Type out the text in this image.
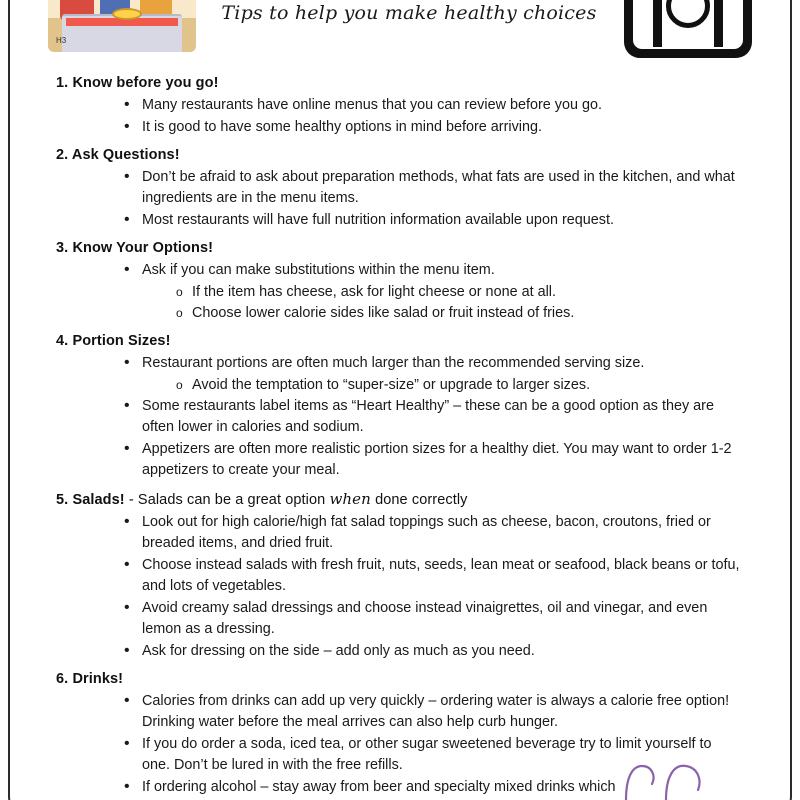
H3
Tips to help you make healthy choices
1. Know before you go!
• Many restaurants have online menus that you can review before you go.
• It is good to have some healthy options in mind before arriving.
2. Ask Questions!
• Don’t be afraid to ask about preparation methods, what fats are used in the kitchen, and what ingredients are in the menu items.
• Most restaurants will have full nutrition information available upon request.
3. Know Your Options!
• Ask if you can make substitutions within the menu item.
o If the item has cheese, ask for light cheese or none at all.
o Choose lower calorie sides like salad or fruit instead of fries.
4. Portion Sizes!
• Restaurant portions are often much larger than the recommended serving size.
o Avoid the temptation to “super-size” or upgrade to larger sizes.
• Some restaurants label items as “Heart Healthy” – these can be a good option as they are often lower in calories and sodium.
• Appetizers are often more realistic portion sizes for a healthy diet. You may want to order 1-2 appetizers to create your meal.
5. Salads! - Salads can be a great option when done correctly
• Look out for high calorie/high fat salad toppings such as cheese, bacon, croutons, fried or breaded items, and dried fruit.
• Choose instead salads with fresh fruit, nuts, seeds, lean meat or seafood, black beans or tofu, and lots of vegetables.
• Avoid creamy salad dressings and choose instead vinaigrettes, oil and vinegar, and even lemon as a dressing.
• Ask for dressing on the side – add only as much as you need.
6. Drinks!
• Calories from drinks can add up very quickly – ordering water is always a calorie free option! Drinking water before the meal arrives can also help curb hunger.
• If you do order a soda, iced tea, or other sugar sweetened beverage try to limit yourself to one. Don’t be lured in with the free refills.
• If ordering alcohol – stay away from beer and specialty mixed drinks which
